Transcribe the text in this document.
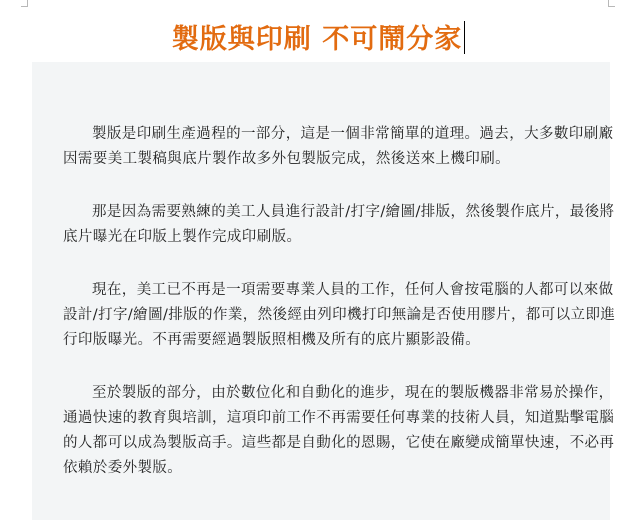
製版與印刷 不可鬧分家

製版是印刷生產過程的一部分，這是一個非常簡單的道理。過去，大多數印刷廠因需要美工製稿與底片製作故多外包製版完成，然後送來上機印刷。

那是因為需要熟練的美工人員進行設計/打字/繪圖/排版，然後製作底片，最後將底片曝光在印版上製作完成印刷版。

現在，美工已不再是一項需要專業人員的工作，任何人會按電腦的人都可以來做設計/打字/繪圖/排版的作業，然後經由列印機打印無論是否使用膠片，都可以立即進行印版曝光。不再需要經過製版照相機及所有的底片顯影設備。

至於製版的部分，由於數位化和自動化的進步，現在的製版機器非常易於操作，通過快速的教育與培訓，這項印前工作不再需要任何專業的技術人員，知道點擊電腦的人都可以成為製版高手。這些都是自動化的恩賜，它使在廠變成簡單快速，不必再依賴於委外製版。
